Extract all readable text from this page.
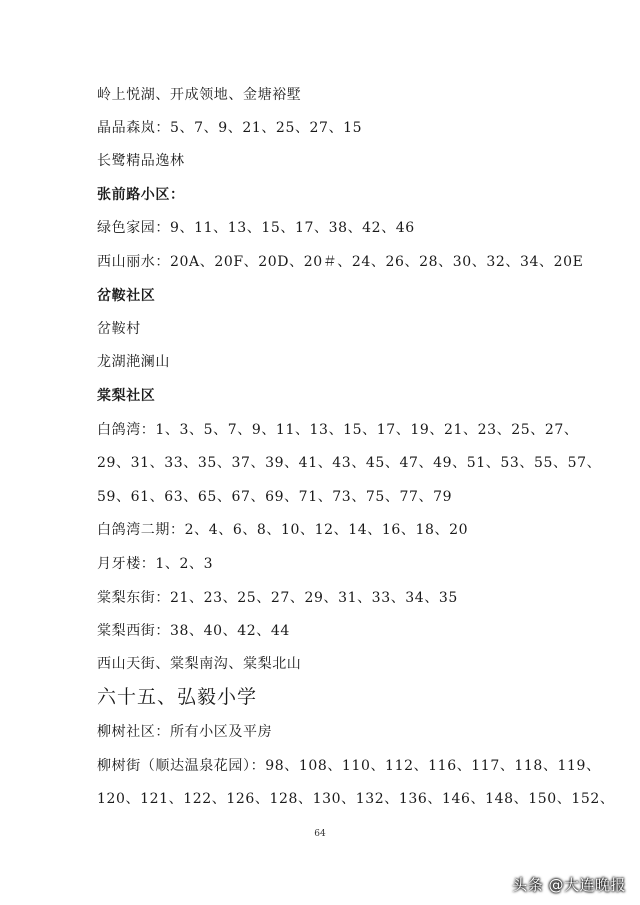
岭上悦湖、开成领地、金塘裕墅
晶品森岚：5、7、9、21、25、27、15
长鹭精品逸林
张前路小区：
绿色家园：9、11、13、15、17、38、42、46
西山丽水：20A、20F、20D、20＃、24、26、28、30、32、34、20E
岔鞍社区
岔鞍村
龙湖滟澜山
棠梨社区
白鸽湾：1、3、5、7、9、11、13、15、17、19、21、23、25、27、
29、31、33、35、37、39、41、43、45、47、49、51、53、55、57、
59、61、63、65、67、69、71、73、75、77、79
白鸽湾二期：2、4、6、8、10、12、14、16、18、20
月牙楼：1、2、3
棠梨东街：21、23、25、27、29、31、33、34、35
棠梨西街：38、40、42、44
西山天街、棠梨南沟、棠梨北山
六十五、弘毅小学
柳树社区：所有小区及平房
柳树街（顺达温泉花园）：98、108、110、112、116、117、118、119、
120、121、122、126、128、130、132、136、146、148、150、152、
64
头条 @大连晚报
